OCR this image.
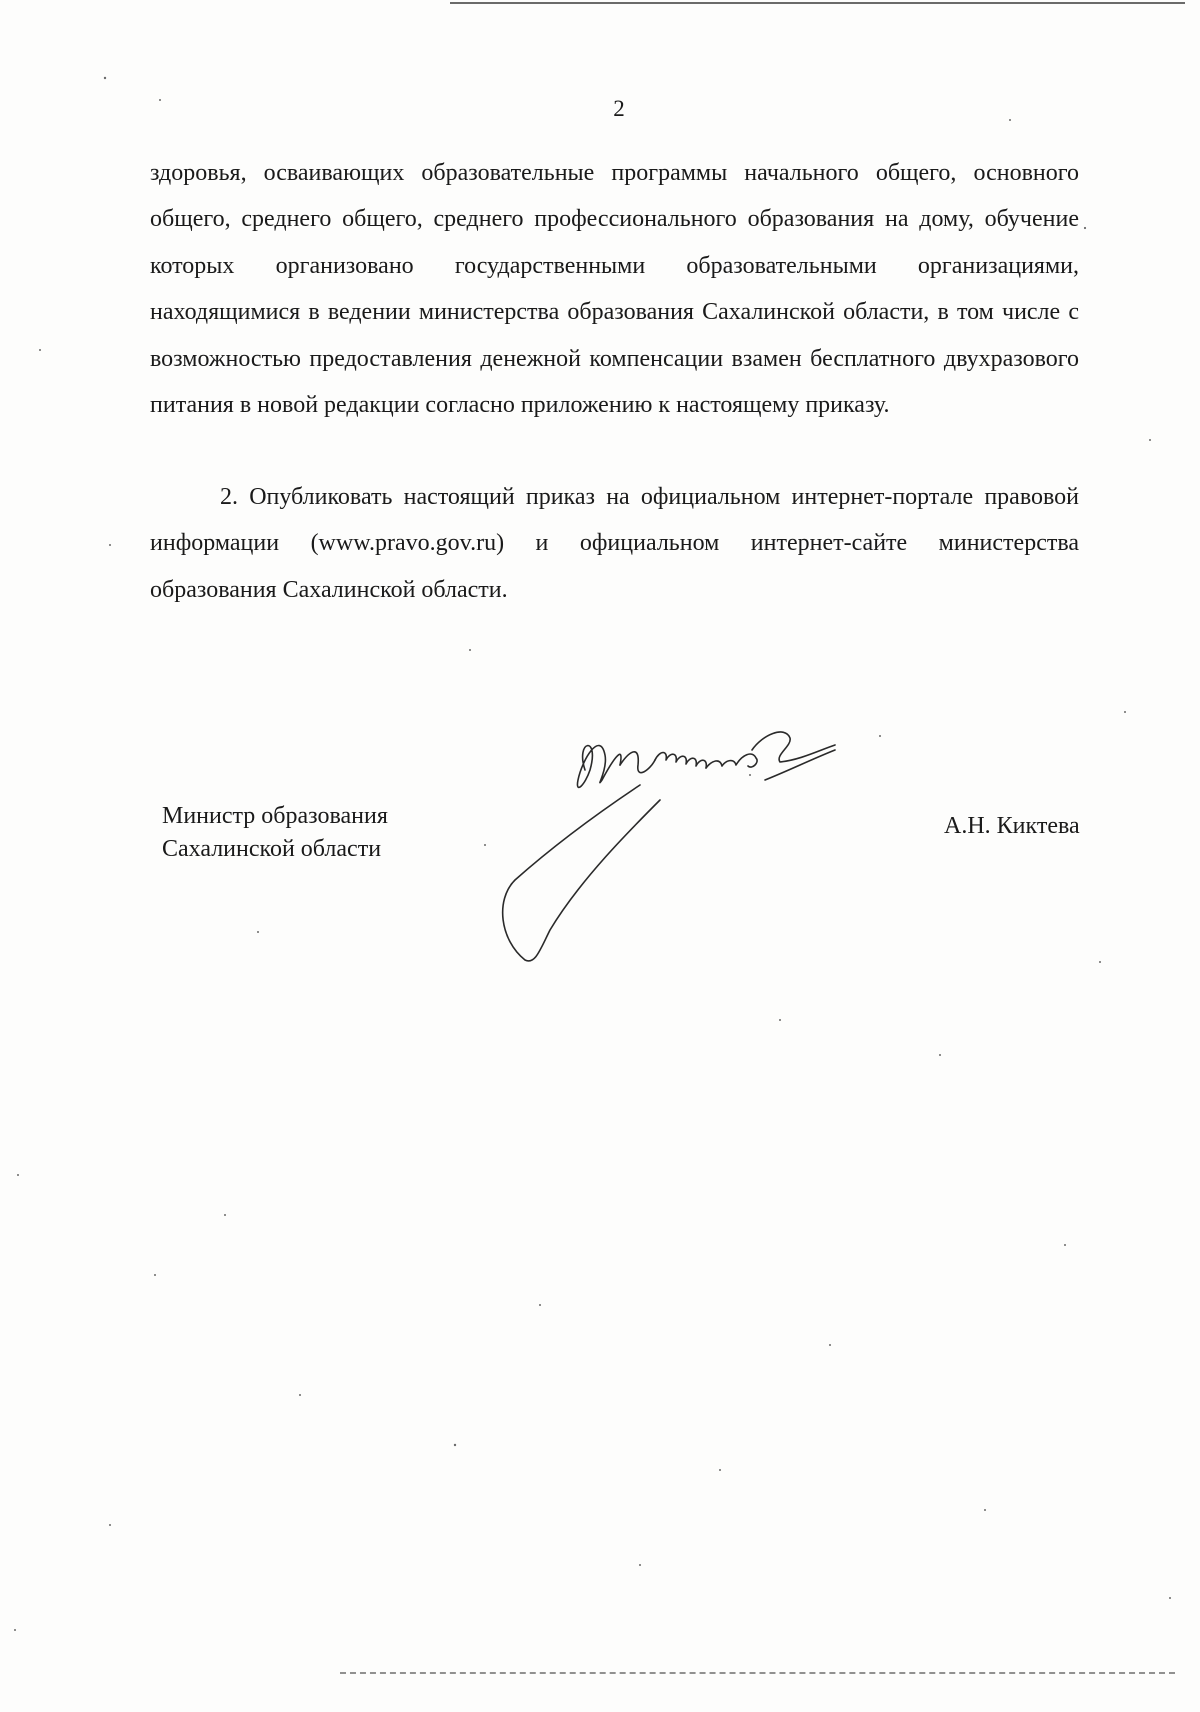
2

здоровья, осваивающих образовательные программы начального общего, основного общего, среднего общего, среднего профессионального образования на дому, обучение которых организовано государственными образовательными организациями, находящимися в ведении министерства образования Сахалинской области, в том числе с возможностью предоставления денежной компенсации взамен бесплатного двухразового питания в новой редакции согласно приложению к настоящему приказу.

2. Опубликовать настоящий приказ на официальном интернет-портале правовой информации (www.pravo.gov.ru) и официальном интернет-сайте министерства образования Сахалинской области.

Министр образования
Сахалинской области
А.Н. Киктева
